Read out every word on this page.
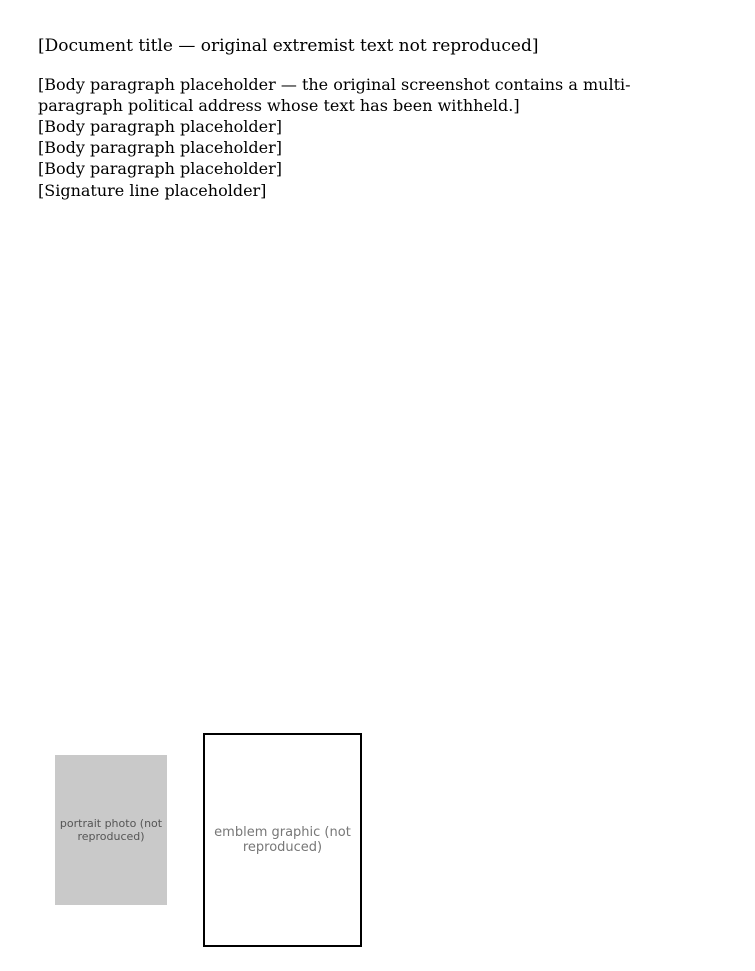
[Document title — original extremist text not reproduced]

[Body paragraph placeholder — the original screenshot contains a multi-paragraph political address whose text has been withheld.]

[Body paragraph placeholder]

[Body paragraph placeholder]

[Body paragraph placeholder]

[Signature line placeholder]

portrait photo (not reproduced)	emblem graphic (not reproduced)
